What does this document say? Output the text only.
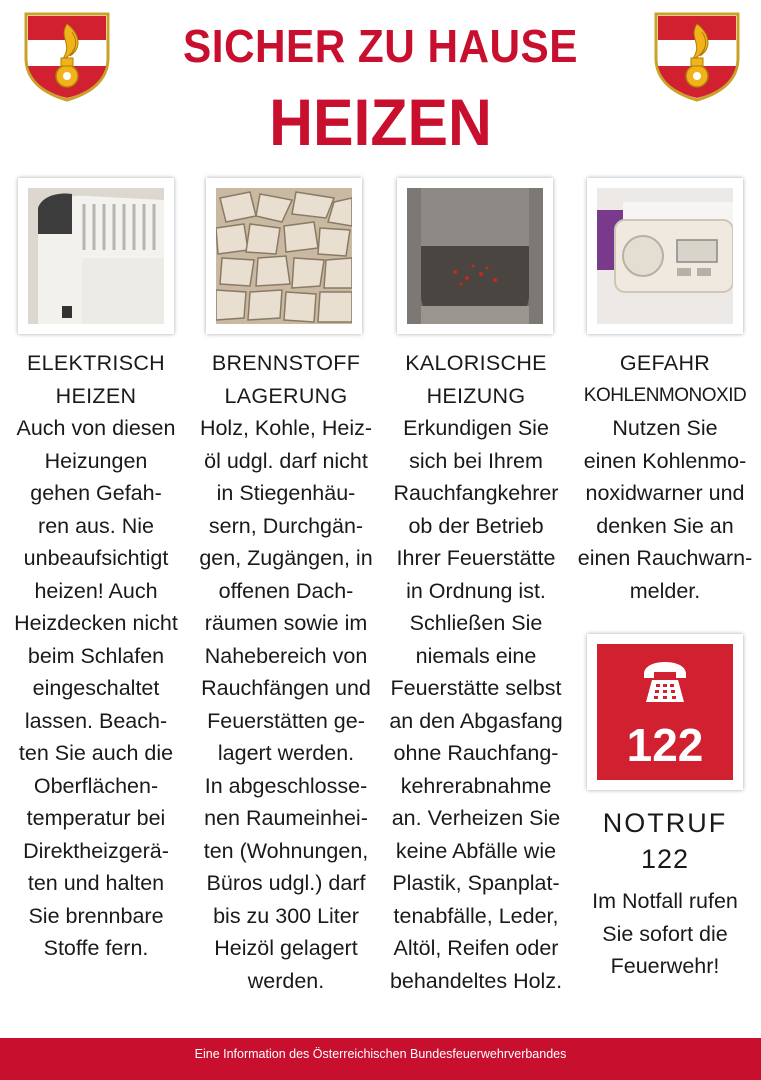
SICHER ZU HAUSE
HEIZEN
ELEKTRISCH
HEIZEN
Auch von diesen
Heizungen
gehen Gefah-
ren aus. Nie
unbeaufsichtigt
heizen! Auch
Heizdecken nicht
beim Schlafen
eingeschaltet
lassen. Beach-
ten Sie auch die
Oberflächen-
temperatur bei
Direktheizgerä-
ten und halten
Sie brennbare
Stoffe fern.
BRENNSTOFF
LAGERUNG
Holz, Kohle, Heiz-
öl udgl. darf nicht
in Stiegenhäu-
sern, Durchgän-
gen, Zugängen, in
offenen Dach-
räumen sowie im
Nahebereich von
Rauchfängen und
Feuerstätten ge-
lagert werden.
In abgeschlosse-
nen Raumeinhei-
ten (Wohnungen,
Büros udgl.) darf
bis zu 300 Liter
Heizöl gelagert
werden.
KALORISCHE
HEIZUNG
Erkundigen Sie
sich bei Ihrem
Rauchfangkehrer
ob der Betrieb
Ihrer Feuerstätte
in Ordnung ist.
Schließen Sie
niemals eine
Feuerstätte selbst
an den Abgasfang
ohne Rauchfang-
kehrerabnahme
an. Verheizen Sie
keine Abfälle wie
Plastik, Spanplat-
tenabfälle, Leder,
Altöl, Reifen oder
behandeltes Holz.
GEFAHR
KOHLENMONOXID
Nutzen Sie
einen Kohlenmo-
noxidwarner und
denken Sie an
einen Rauchwarn-
melder.
122
NOTRUF
122
Im Notfall rufen
Sie sofort die
Feuerwehr!
Eine Information des Österreichischen Bundesfeuerwehrverbandes
